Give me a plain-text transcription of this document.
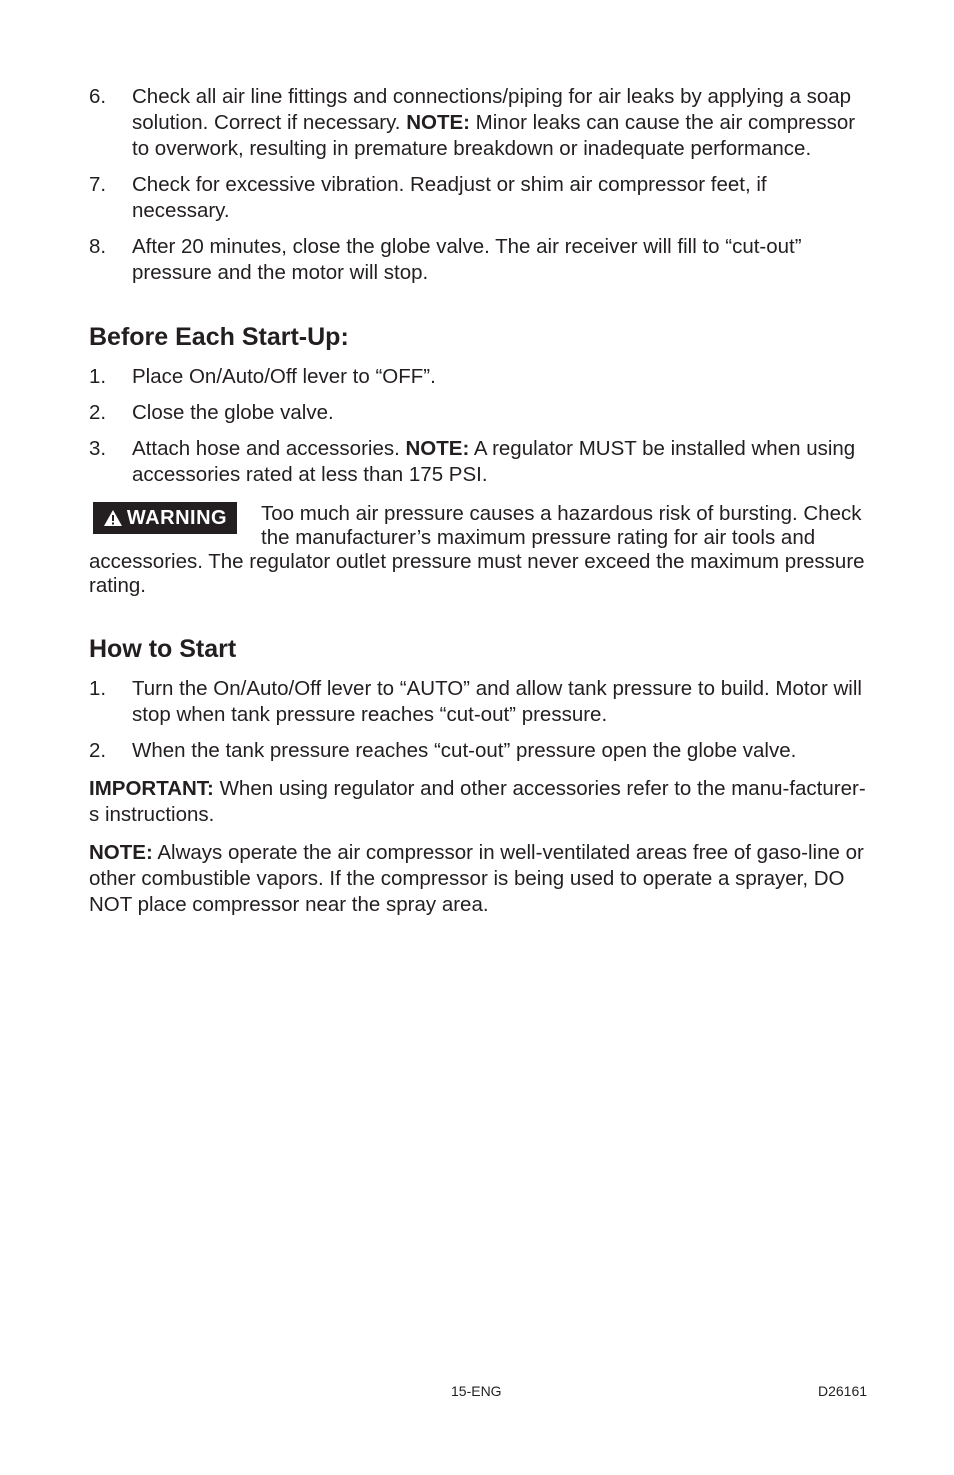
6.	Check all air line fittings and connections/piping for air leaks by applying a soap solution. Correct if necessary. NOTE: Minor leaks can cause the air compressor to overwork, resulting in premature breakdown or inadequate performance.
7.	Check for excessive vibration. Readjust or shim air compressor feet, if necessary.
8.	After 20 minutes, close the globe valve. The air receiver will fill to “cut-out” pressure and the motor will stop.
Before Each Start-Up:
1.	Place On/Auto/Off lever to “OFF”.
2.	Close the globe valve.
3.	Attach hose and accessories. NOTE: A regulator MUST be installed when using accessories rated at less than 175 PSI.
WARNING Too much air pressure causes a hazardous risk of bursting. Check the manufacturer’s maximum pressure rating for air tools and accessories. The regulator outlet pressure must never exceed the maximum pressure rating.
How to Start
1.	Turn the On/Auto/Off lever to “AUTO” and allow tank pressure to build. Motor will stop when tank pressure reaches “cut-out” pressure.
2.	When the tank pressure reaches “cut-out” pressure open the globe valve.
IMPORTANT: When using regulator and other accessories refer to the manu-facturer-s instructions.
NOTE: Always operate the air compressor in well-ventilated areas free of gaso-line or other combustible vapors. If the compressor is being used to operate a sprayer, DO NOT place compressor near the spray area.
15-ENG	D26161
